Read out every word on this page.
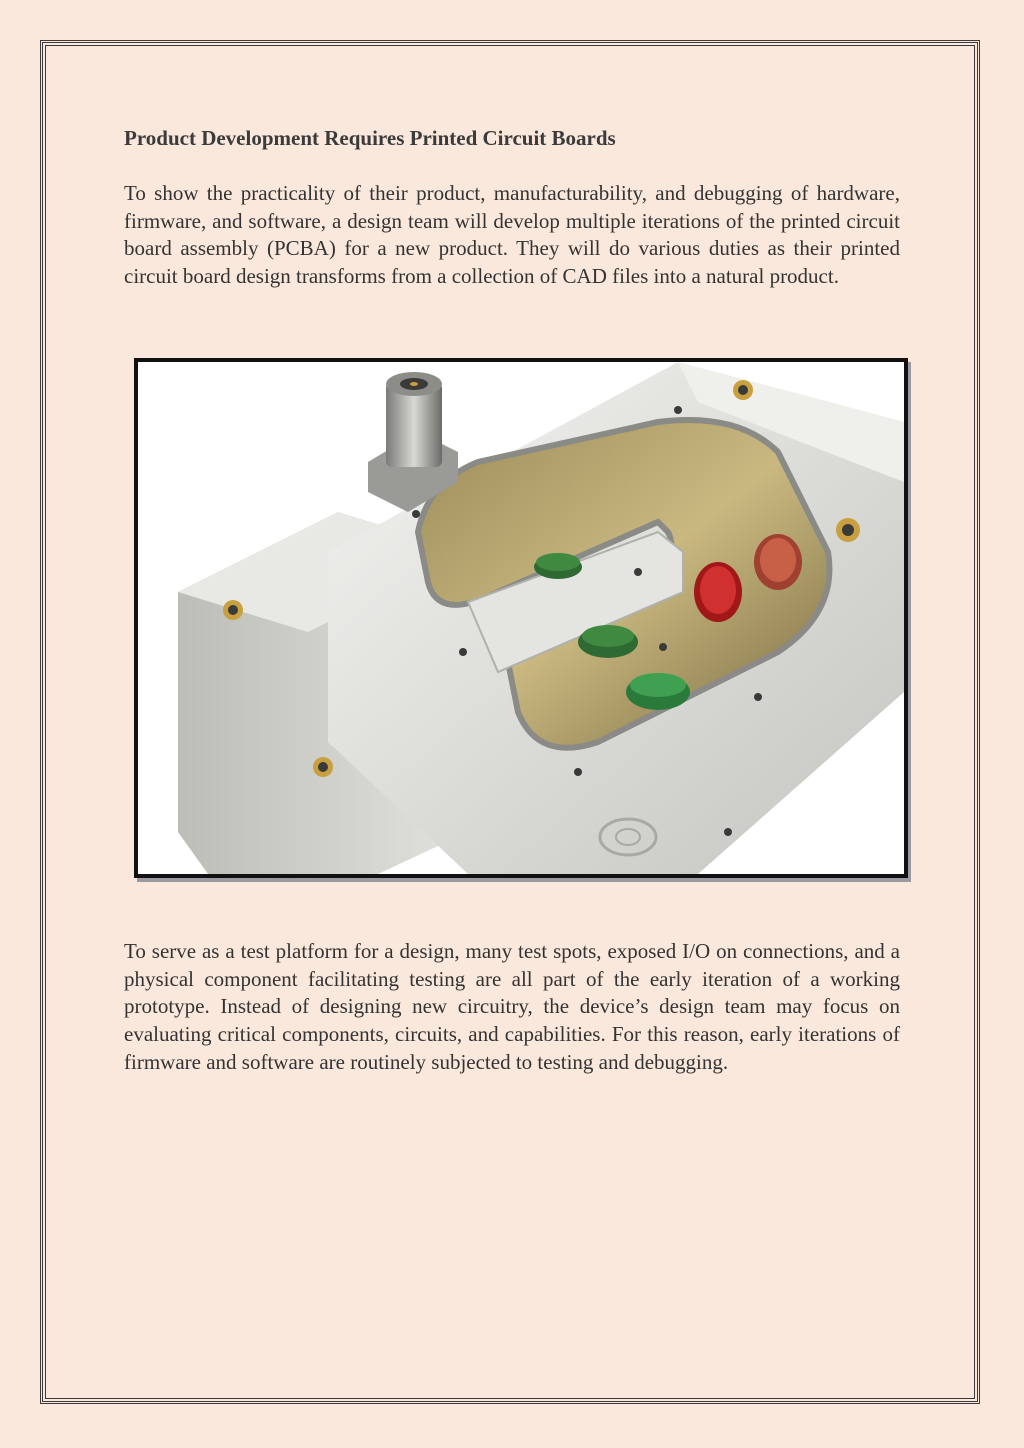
Product Development Requires Printed Circuit Boards

To show the practicality of their product, manufacturability, and debugging of hardware, firmware, and software, a design team will develop multiple iterations of the printed circuit board assembly (PCBA) for a new product. They will do various duties as their printed circuit board design transforms from a collection of CAD files into a natural product.

To serve as a test platform for a design, many test spots, exposed I/O on connections, and a physical component facilitating testing are all part of the early iteration of a working prototype. Instead of designing new circuitry, the device’s design team may focus on evaluating critical components, circuits, and capabilities. For this reason, early iterations of firmware and software are routinely subjected to testing and debugging.
